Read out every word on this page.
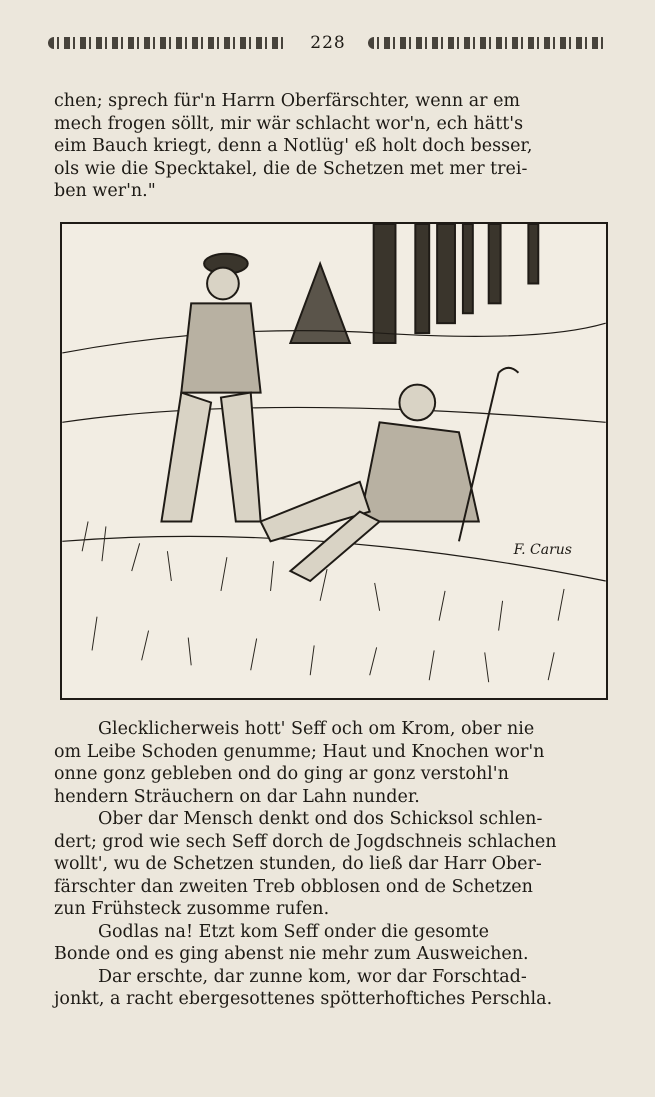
228
chen; sprech für'n Harrn Oberfärschter, wenn ar em
mech frogen söllt, mir wär schlacht wor'n, ech hätt's
eim Bauch kriegt, denn a Notlüg' eß holt doch besser,
ols wie die Specktakel, die de Schetzen met mer trei-
ben wer'n."
F. Carus
Glecklicherweis hott' Seff och om Krom, ober nie
om Leibe Schoden genumme; Haut und Knochen wor'n
onne gonz gebleben ond do ging ar gonz verstohl'n
hendern Sträuchern on dar Lahn nunder.
Ober dar Mensch denkt ond dos Schicksol schlen-
dert; grod wie sech Seff dorch de Jogdschneis schlachen
wollt', wu de Schetzen stunden, do ließ dar Harr Ober-
färschter dan zweiten Treb obblosen ond de Schetzen
zun Frühsteck zusomme rufen.
Godlas na! Etzt kom Seff onder die gesomte
Bonde ond es ging abenst nie mehr zum Ausweichen.
Dar erschte, dar zunne kom, wor dar Forschtad-
jonkt, a racht ebergesottenes spötterhoftiches Perschla.
